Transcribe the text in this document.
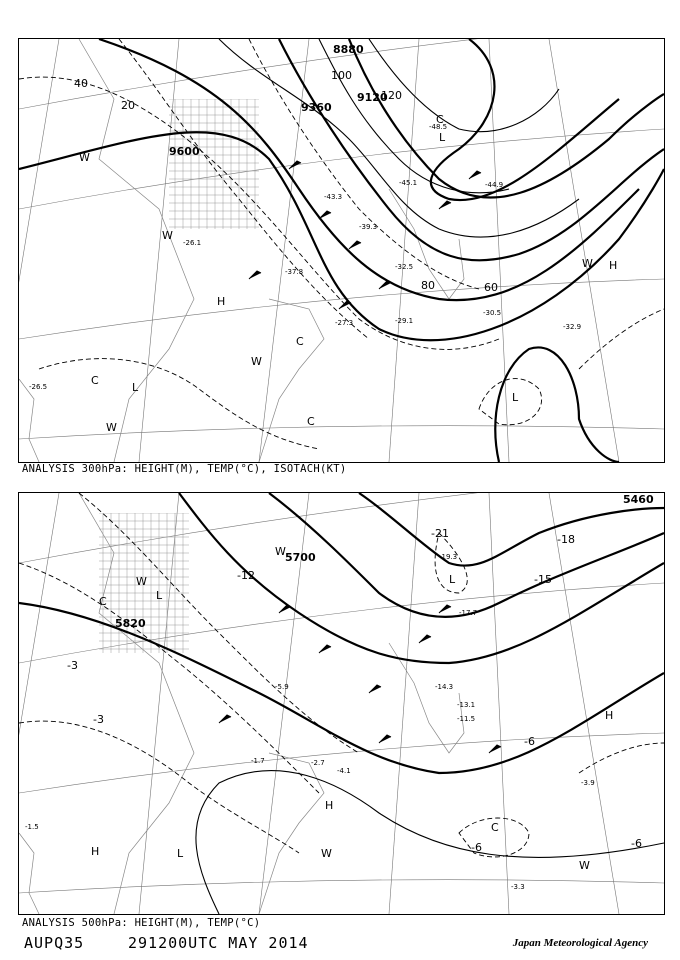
8880
9120
9360
9600
20
40
60
80
100
120
W
W
W
W
W
H
H
C
C
C
C
L
L
L
-45.1
-43.3
-39.3
-37.8
-32.5
-30.5
-29.1
-27.3
-26.5
-26.1
-32.9
-44.9
-48.5
ANALYSIS 300hPa: HEIGHT(M), TEMP(°C), ISOTACH(KT)
5460
5700
5820
-21	-18
-15
-12
-6
-3
-3
-6	-6
W
W
W
W
H
H
H
C
C
L
L
L
-19.3
-17.7
-14.3
-13.1
-11.5
-5.9
-4.1
-3.9
-3.3
-2.7
-1.7
-1.5
ANALYSIS 500hPa: HEIGHT(M), TEMP(°C)
AUPQ35	291200UTC MAY 2014	Japan Meteorological Agency
